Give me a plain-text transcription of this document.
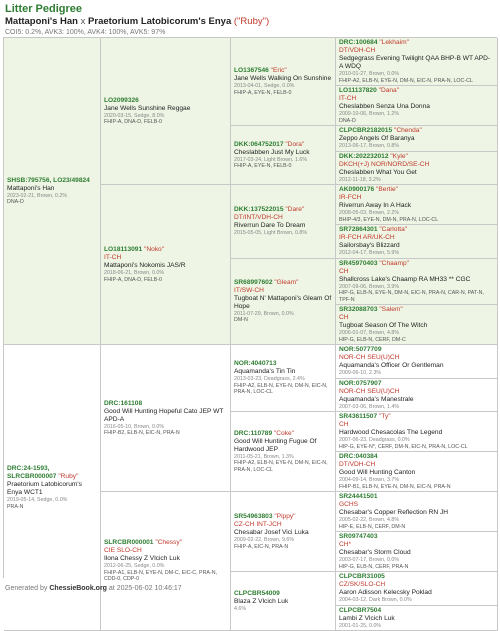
Litter Pedigree
Mattaponi's Han x Praetorium Latobicorum's Enya ("Ruby")
COI5: 0.2%, AVK3: 100%, AVK4: 100%, AVK5: 97%
SHSB:795756, LO23/49824
Mattaponi's Han
2023-02-21, Brown, 0.2%
DNA-D
DRC:24-1593, SLRCBR000007 "Ruby"
Praetorium Latobicorum's Enya WCT1
2019-05-14, Sedge, 0.0%
PRA-N
LO2099326
Jane Wells Sunshine Reggae
2020-03-15, Sedge, 8.0%
FHIP-A, DNA-D, FELB-0
LO18113091 "Noko"
IT-CH
Mattaponi's Nokomis JAS/R
2018-06-21, Brown, 0.0%
FHIP-A, DNA-D, FELB-0
DRC:161108
Good Will Hunting Hopeful Cato JEP WT APD-A
2016-05-10, Brown, 0.0%
FHIP-B2, ELB-N, EIC-N, PRA-N
SLRCBR000001 "Chessy"
CIE SLO-CH
Ilona Chessy Z Vlcich Luk
2012-06-25, Sedge, 0.0%
FHIP-A1, ELB-N, EYE-N, DM-C, EIC-C, PRA-N, CDD-0, CDP-0
LO1367546 "Eric"
Jane Wells Walking On Sunshine
2013-04-01, Sedge, 0.0%
FHIP-A, EYE-N, FELB-0
DKK:064752017 "Dora"
Cheslabben Just My Luck
2017-03-24, Light Brown, 1.6%
FHIP-A, EYE-N, FELB-0
DKK:137522015 "Dare"
DT/INT/VDH-CH
Riverrun Dare To Dream
2015-05-05, Light Brown, 0.8%
SR68997602 "Gleam"
IT/SW-CH
Tugboat N' Mattaponi's Gleam Of Hope
2011-07-29, Brown, 0.0%
DM-N
NOR:4040713
Aquamanda's Tin Tin
2013-03-23, Deadgrass, 2.4%
FHIP-A2, ELB-N, EYE-N, DM-N, EIC-N, PRA-N, LOC-CL
DRC:110789 "Coke"
Good Will Hunting Fugue Of Hardwood JEP
2011-05-21, Brown, 1.3%
FHIP-A2, ELB-N, EYE-N, DM-N, EIC-N, PRA-N, LOC-CL
SR54963803 "Pippy"
CZ-CH INT-JCH
Chesabar Josef Vici Luka
2009-02-22, Brown, 9.6%
FHIP-A, EIC-N, PRA-N
CLPCBR54009
Blaza Z Vlcich Luk
4.6%
DRC:100684 "Lekhaim"
DT/VDH-CH
Sedgegrass Evening Twilight QAA BHP-B WT APD-A WDQ
2010-01-27, Brown, 0.0%
FHIP-A2, ELB-N, EYE-N, DM-N, EIC-N, PRA-N, LOC-CL
LO11137820 "Dana"
IT-CH
Cheslabben Senza Una Donna
2009-10-06, Brown, 1.2%
DNA-D
CLPCBR2182015 "Chenda"
Zeppo Angels Of Baranya
2013-06-17, Brown, 0.8%
DKK:202232012 "Kyle"
DKCH(+J) NOR/NORD/SE-CH
Cheslabben What You Get
2012-11-18, 3.2%
AK0900176 "Bertie"
IR-FCH
Riverrun Away In A Hack
2008-05-03, Brown, 2.2%
BHIP-4/3, EYE-N, DM-N, PRA-N, LOC-CL
SR72864301 "Carlotta"
IR-FCH AR/UK-CH
Sailorsbay's Blizzard
2012-04-17, Brown, 5.9%
SR45970403 "Chaamp"
CH
Shallcross Lake's Chaamp RA MH33 ** CGC
2007-09-06, Brown, 3.9%
HIP-G, ELB-N, EYE-N, DM-N, EIC-N, PRA-N, CAR-N, PAT-N, TPF-N
SR32088703 "Salem"
CH
Tugboat Season Of The Witch
2006-01-07, Brown, 4.8%
HIP-G, ELB-N, CERF, DM-C
NOR:5077709
NOR-CH SEU(U)CH
Aquamanda's Officer Or Gentleman
2009-06-10, 2.3%
NOR:0757907
NOR-CH SEU(U)CH
Aquamanda's Manestrale
2007-03-06, Brown, 1.4%
SR43611507 "Ty"
CH
Hardwood Chesacolas The Legend
2007-06-23, Deadgrass, 0.0%
HIP-G, EYE-N*, CERF, DM-N, EIC-N, PRA-N, LOC-CL
DRC:040384
DT/VDH-CH
Good Will Hunting Canton
2004-09-14, Brown, 3.7%
FHIP-B1, ELB-N, EYE-N, DM-N, EIC-N, PRA-N
SR24441501
GCHS
Chesabar's Copper Reflection RN JH
2005-02-22, Brown, 4.8%
HIP-E, ELB-N, CERF, DM-N
SR09747403
CH*
Chesabar's Storm Cloud
2003-07-17, Brown, 0.0%
HIP-G, ELB-N, CERF, PRA-N
CLPCBR31005
CZ/SK/SLO-CH
Aaron Adisson Kelecsky Poklad
2004-03-12, Dark Brown, 0.0%
CLPCBR7504
Lambi Z Vlcich Luk
2001-01-25, 0.0%
Generated by ChessieBook.org at 2025-06-02 10:46:17
